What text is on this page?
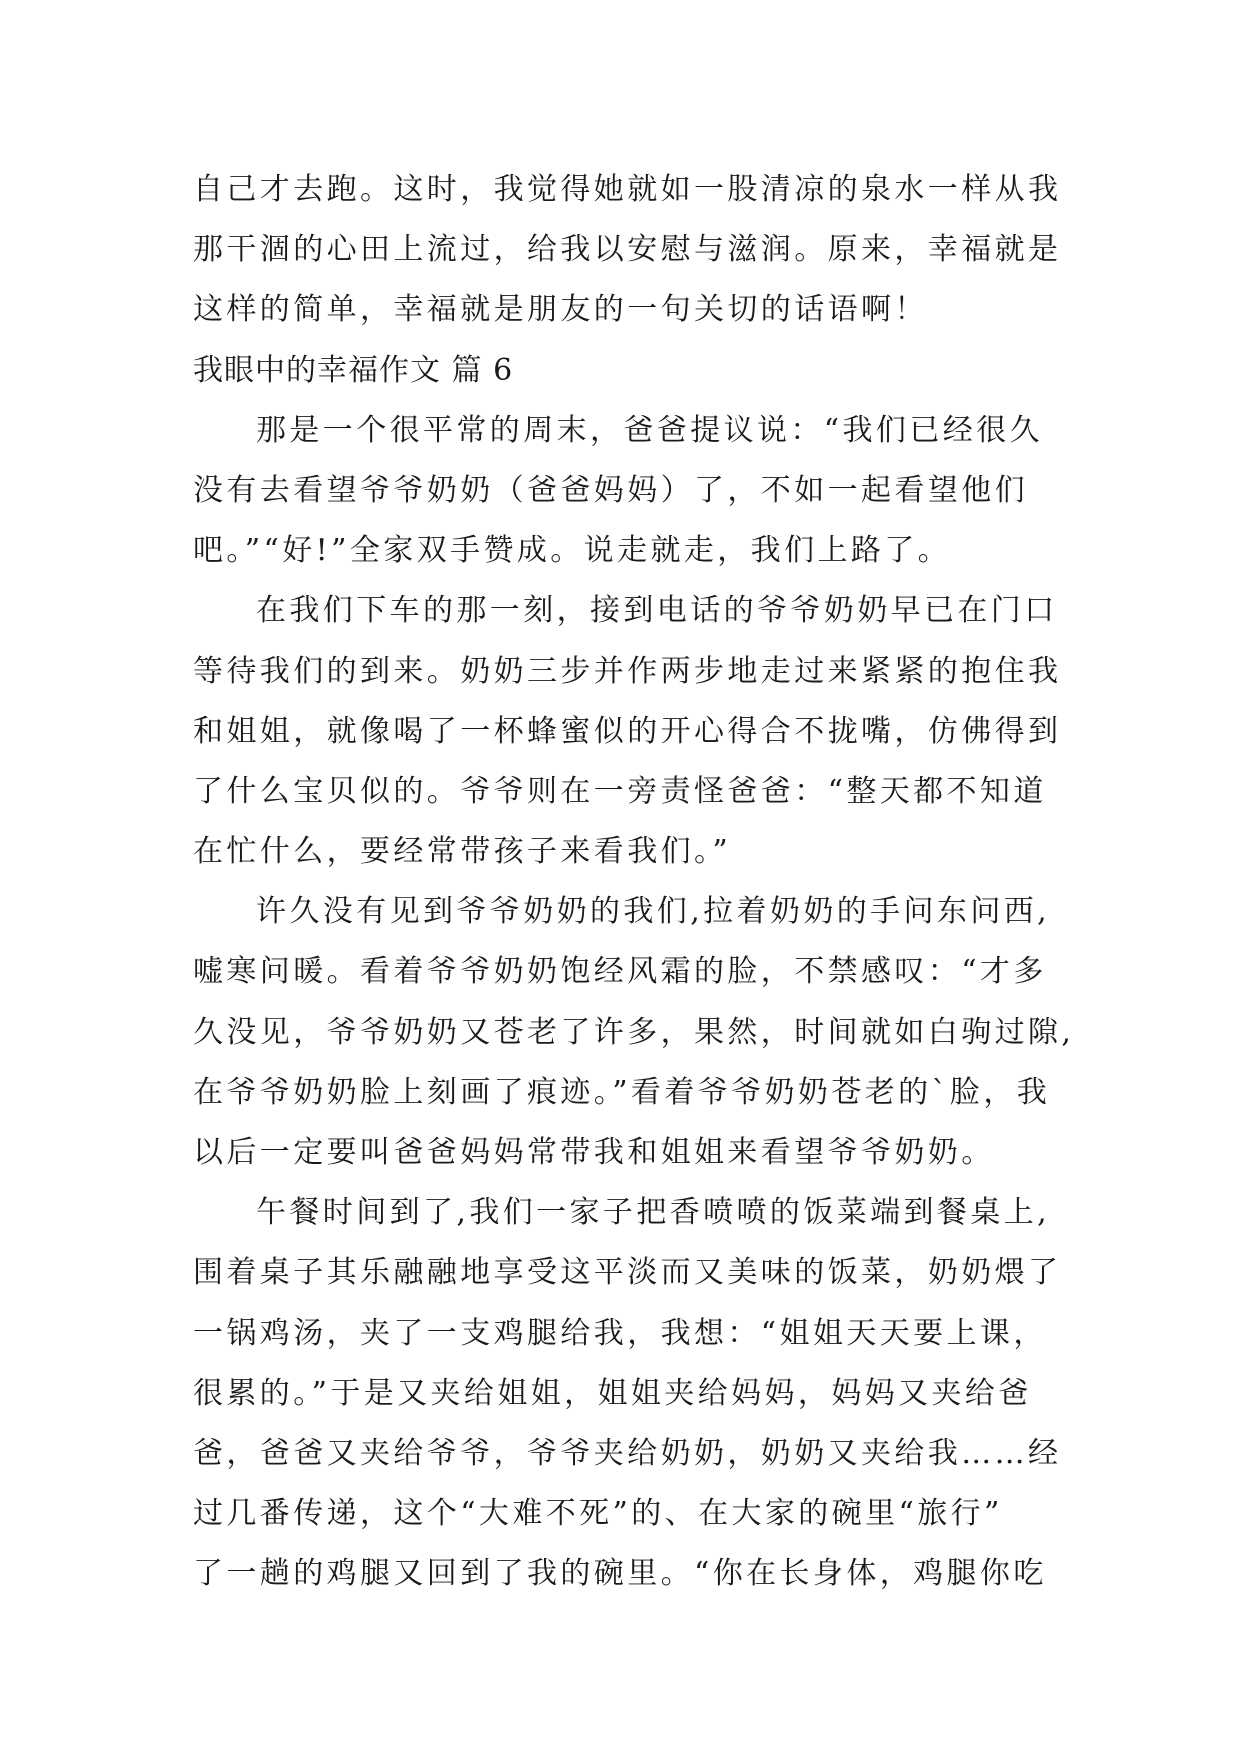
自己才去跑。这时，我觉得她就如一股清凉的泉水一样从我
那干涸的心田上流过，给我以安慰与滋润。原来，幸福就是
这样的简单，幸福就是朋友的一句关切的话语啊！
我眼中的幸福作文 篇 6
那是一个很平常的周末，爸爸提议说：“我们已经很久
没有去看望爷爷奶奶（爸爸妈妈）了，不如一起看望他们
吧。”“好!”全家双手赞成。说走就走，我们上路了。
在我们下车的那一刻，接到电话的爷爷奶奶早已在门口
等待我们的到来。奶奶三步并作两步地走过来紧紧的抱住我
和姐姐，就像喝了一杯蜂蜜似的开心得合不拢嘴，仿佛得到
了什么宝贝似的。爷爷则在一旁责怪爸爸：“整天都不知道
在忙什么，要经常带孩子来看我们。”
许久没有见到爷爷奶奶的我们,拉着奶奶的手问东问西,
嘘寒问暖。看着爷爷奶奶饱经风霜的脸，不禁感叹：“才多
久没见，爷爷奶奶又苍老了许多，果然，时间就如白驹过隙,
在爷爷奶奶脸上刻画了痕迹。”看着爷爷奶奶苍老的`脸，我
以后一定要叫爸爸妈妈常带我和姐姐来看望爷爷奶奶。
午餐时间到了,我们一家子把香喷喷的饭菜端到餐桌上,
围着桌子其乐融融地享受这平淡而又美味的饭菜，奶奶煨了
一锅鸡汤，夹了一支鸡腿给我，我想：“姐姐天天要上课，
很累的。”于是又夹给姐姐，姐姐夹给妈妈，妈妈又夹给爸
爸，爸爸又夹给爷爷，爷爷夹给奶奶，奶奶又夹给我……经
过几番传递，这个“大难不死”的、在大家的碗里“旅行”
了一趟的鸡腿又回到了我的碗里。“你在长身体，鸡腿你吃
